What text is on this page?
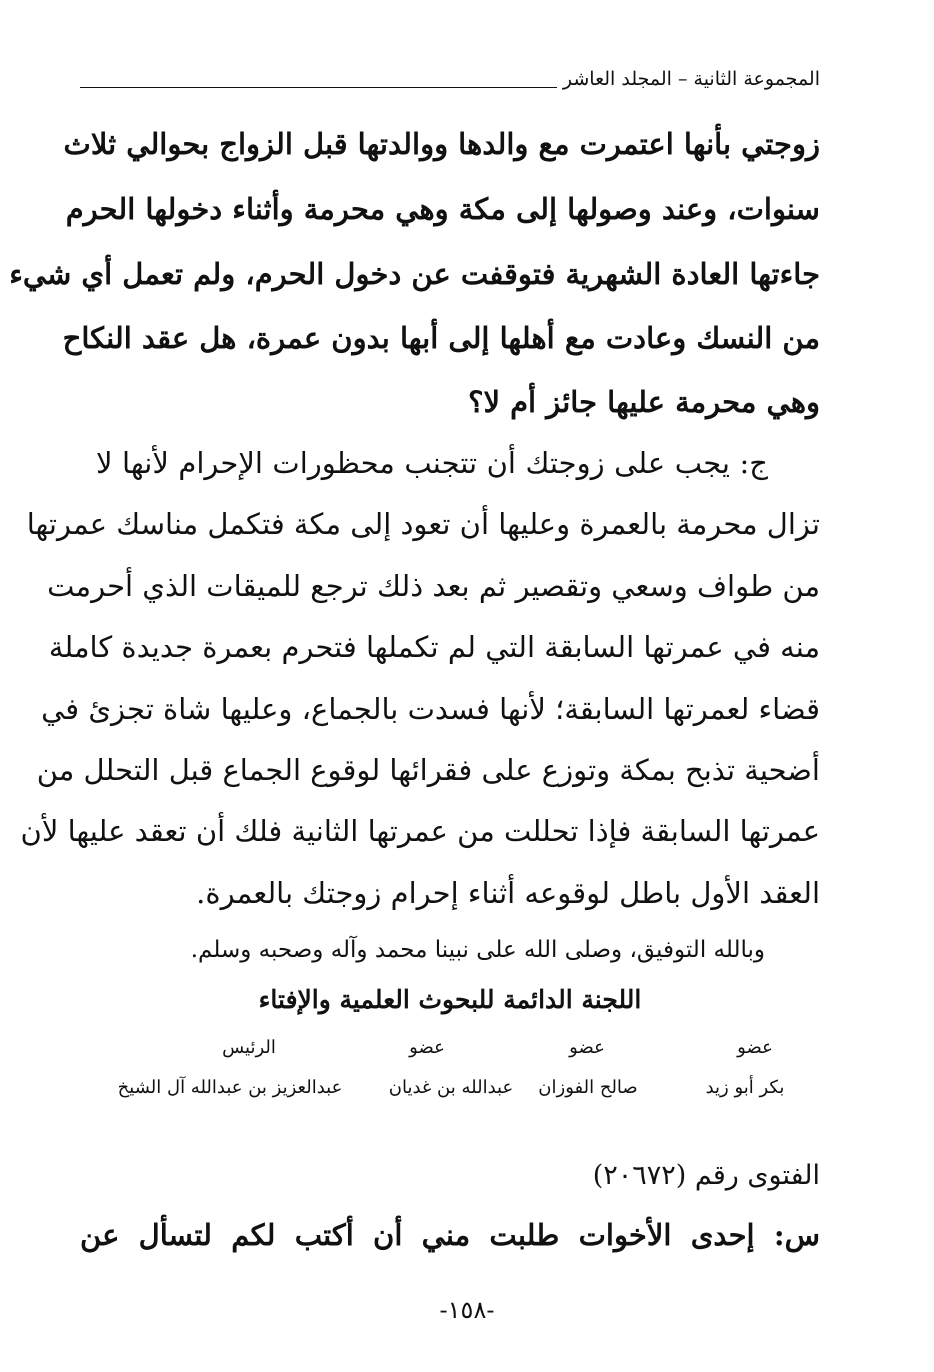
المجموعة الثانية – المجلد العاشر
زوجتي بأنها اعتمرت مع والدها ووالدتها قبل الزواج بحوالي ثلاث
سنوات، وعند وصولها إلى مكة وهي محرمة وأثناء دخولها الحرم
جاءتها العادة الشهرية فتوقفت عن دخول الحرم، ولم تعمل أي شيء
من النسك وعادت مع أهلها إلى أبها بدون عمرة، هل عقد النكاح
وهي محرمة عليها جائز أم لا؟
ج: يجب على زوجتك أن تتجنب محظورات الإحرام لأنها لا
تزال محرمة بالعمرة وعليها أن تعود إلى مكة فتكمل مناسك عمرتها
من طواف وسعي وتقصير ثم بعد ذلك ترجع للميقات الذي أحرمت
منه في عمرتها السابقة التي لم تكملها فتحرم بعمرة جديدة كاملة
قضاء لعمرتها السابقة؛ لأنها فسدت بالجماع، وعليها شاة تجزئ في
أضحية تذبح بمكة وتوزع على فقرائها لوقوع الجماع قبل التحلل من
عمرتها السابقة فإذا تحللت من عمرتها الثانية فلك أن تعقد عليها لأن
العقد الأول باطل لوقوعه أثناء إحرام زوجتك بالعمرة.
وبالله التوفيق، وصلى الله على نبينا محمد وآله وصحبه وسلم.
اللجنة الدائمة للبحوث العلمية والإفتاء
عضو
بكر أبو زيد
عضو
صالح الفوزان
عضو
عبدالله بن غديان
الرئيس
عبدالعزيز بن عبدالله آل الشيخ
الفتوى رقم (٢٠٦٧٢)
س: إحدى الأخوات طلبت مني أن أكتب لكم لتسأل عن
-١٥٨-
